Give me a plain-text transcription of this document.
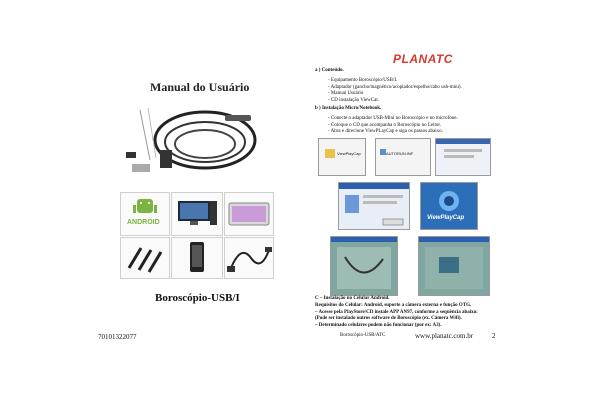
Manual do Usuário
ANDROID
Boroscópio-USB/I
70101322077
PLANATC
a ) Conteúdo.
- Equipamento Boroscópio/USB/I.
- Adaptador (gancho/magnético/acoplador/espelho/cabo usb-mini).
- Manual Usuário
- CD instalação ViewCat.
b ) Instalação Micro/Notebook.
- Conecte o adaptador USB-Mini no Boroscópio e no microfone.
- Coloque o CD que acompanha o Boroscópio no Leitor.
- Abra e direcione ViewPLayCap e siga os passos abaixo.
ViewPlayCap	AUTORUN.INF
ViewPlayCap
C – Instalação no Celular Android.
Requisitos do Celular: Android, suporte a câmera externa e função OTG.
– Acesse pela PlayStore/CD instale APP AN97, conforme a sequência abaixo:
(Pode ser instalado outros software de Boroscópio (ex. Câmera Wifi).
– Determinado celulares podem não funcionar (por ex: A3).
Boroscópio-USB/ATC	www.planatc.com.br	2
